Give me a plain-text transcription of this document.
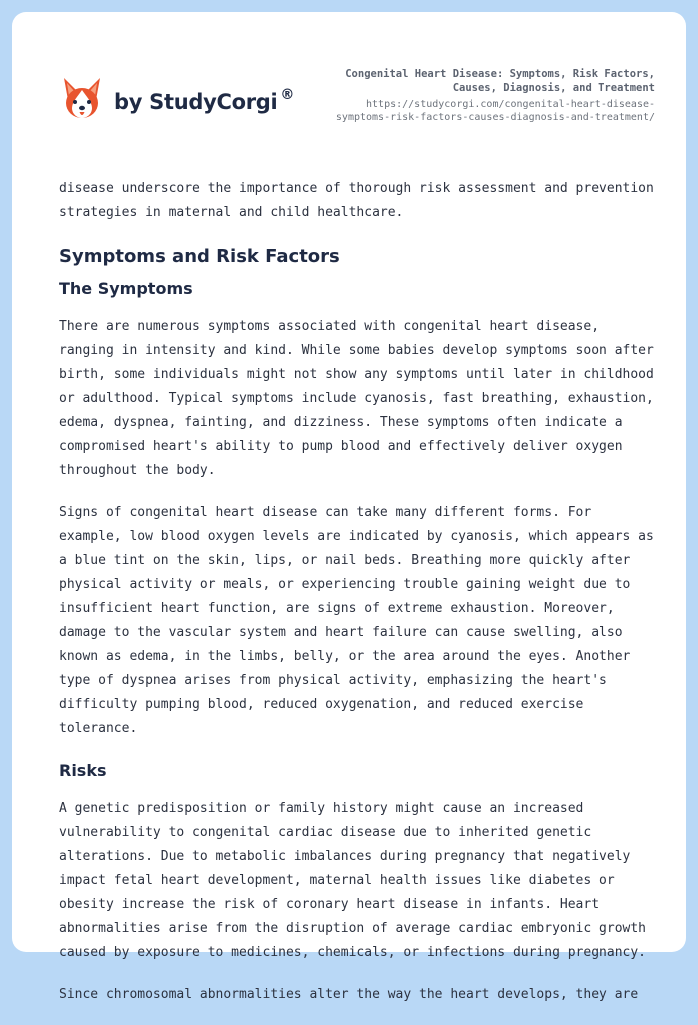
by StudyCorgi ®
Congenital Heart Disease: Symptoms, Risk Factors, Causes, Diagnosis, and Treatment
https://studycorgi.com/congenital-heart-disease-symptoms-risk-factors-causes-diagnosis-and-treatment/

disease underscore the importance of thorough risk assessment and prevention strategies in maternal and child healthcare.

Symptoms and Risk Factors
The Symptoms

There are numerous symptoms associated with congenital heart disease, ranging in intensity and kind. While some babies develop symptoms soon after birth, some individuals might not show any symptoms until later in childhood or adulthood. Typical symptoms include cyanosis, fast breathing, exhaustion, edema, dyspnea, fainting, and dizziness. These symptoms often indicate a compromised heart's ability to pump blood and effectively deliver oxygen throughout the body.

Signs of congenital heart disease can take many different forms. For example, low blood oxygen levels are indicated by cyanosis, which appears as a blue tint on the skin, lips, or nail beds. Breathing more quickly after physical activity or meals, or experiencing trouble gaining weight due to insufficient heart function, are signs of extreme exhaustion. Moreover, damage to the vascular system and heart failure can cause swelling, also known as edema, in the limbs, belly, or the area around the eyes. Another type of dyspnea arises from physical activity, emphasizing the heart's difficulty pumping blood, reduced oxygenation, and reduced exercise tolerance.

Risks

A genetic predisposition or family history might cause an increased vulnerability to congenital cardiac disease due to inherited genetic alterations. Due to metabolic imbalances during pregnancy that negatively impact fetal heart development, maternal health issues like diabetes or obesity increase the risk of coronary heart disease in infants. Heart abnormalities arise from the disruption of average cardiac embryonic growth caused by exposure to medicines, chemicals, or infections during pregnancy.

Since chromosomal abnormalities alter the way the heart develops, they are
